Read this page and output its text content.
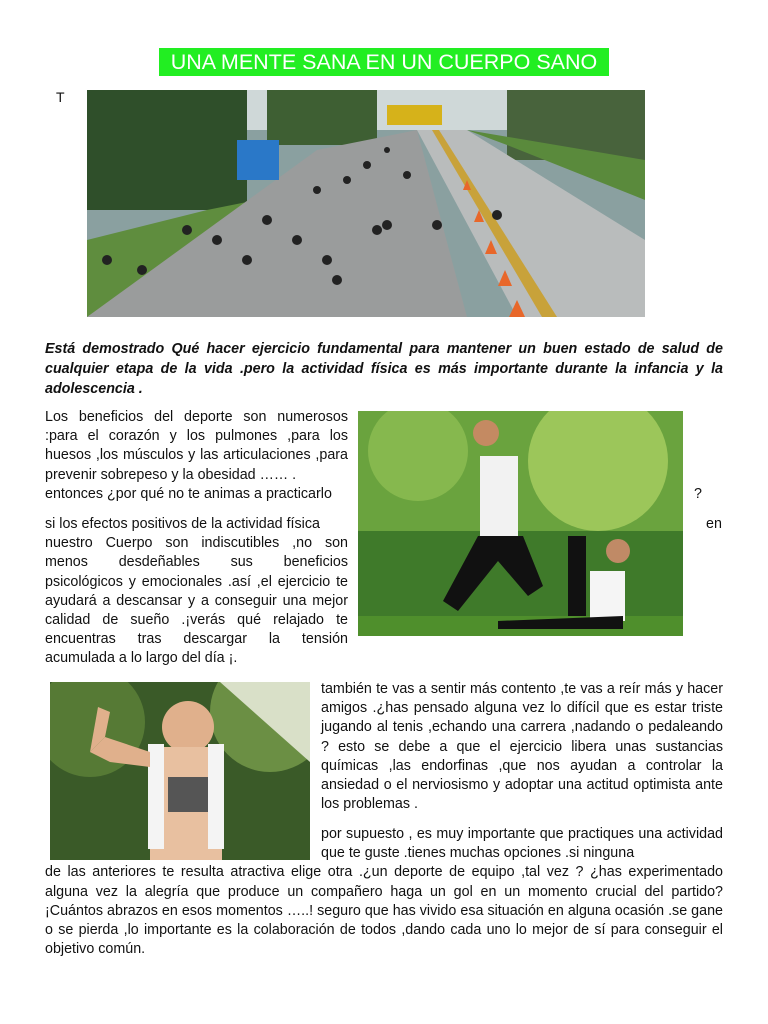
UNA MENTE SANA EN UN CUERPO SANO
T
Está demostrado Qué hacer ejercicio fundamental para mantener un buen estado de salud de cualquier etapa de la vida .pero la actividad física es más importante durante la infancia y la adolescencia .
Los beneficios del deporte son numerosos :para el corazón y los pulmones ,para los huesos ,los músculos y las articulaciones ,para prevenir sobrepeso y la obesidad …… .
entonces ¿por qué no te animas a practicarlo	?
si los efectos positivos de la actividad física
nuestro Cuerpo son indiscutibles ,no son menos desdeñables sus beneficios psicológicos y emocionales .así ,el ejercicio te ayudará a descansar y a conseguir una mejor calidad de sueño .¡verás qué relajado te encuentras tras descargar la tensión acumulada a lo largo del día ¡.
en
también te vas a sentir más contento ,te vas a reír más y hacer amigos .¿has pensado alguna vez lo difícil que es estar triste jugando al tenis ,echando una carrera ,nadando o pedaleando ? esto se debe a que el ejercicio libera unas sustancias químicas ,las endorfinas ,que nos ayudan a controlar la ansiedad o el nerviosismo y adoptar una actitud optimista ante los problemas .
por supuesto , es muy importante que practiques una actividad que te guste .tienes muchas opciones .si ninguna
de las anteriores te resulta atractiva elige otra .¿un deporte de equipo ,tal vez ? ¿has experimentado alguna vez la alegría que produce un compañero haga un gol en un momento crucial del partido? ¡Cuántos abrazos en esos momentos …..! seguro que has vivido esa situación en alguna ocasión .se gane o se pierda ,lo importante es la colaboración de todos ,dando cada uno lo mejor de sí para conseguir el objetivo común.
